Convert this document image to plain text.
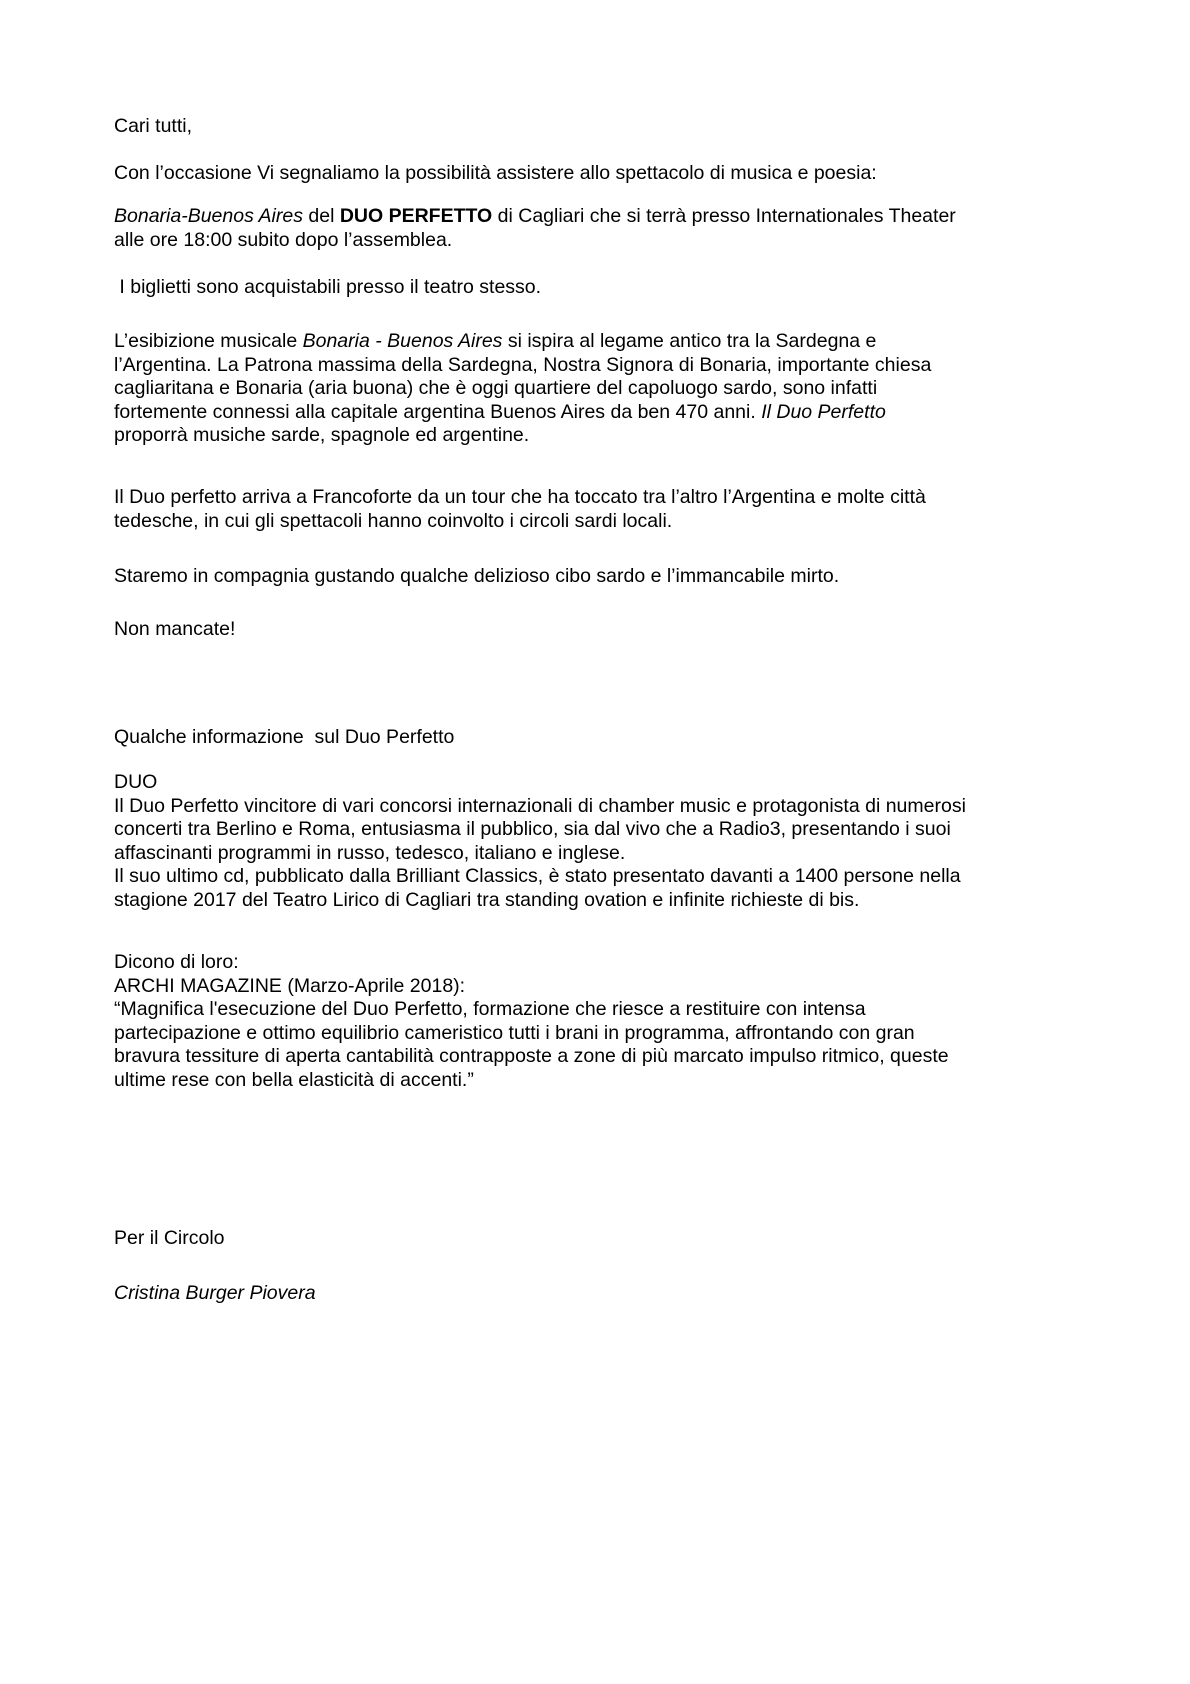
Cari tutti,

Con l’occasione Vi segnaliamo la possibilità assistere allo spettacolo di musica e poesia:

Bonaria-Buenos Aires del DUO PERFETTO di Cagliari che si terrà presso Internationales Theater
alle ore 18:00 subito dopo l’assemblea.

I biglietti sono acquistabili presso il teatro stesso.

L’esibizione musicale Bonaria - Buenos Aires si ispira al legame antico tra la Sardegna e
l’Argentina. La Patrona massima della Sardegna, Nostra Signora di Bonaria, importante chiesa
cagliaritana e Bonaria (aria buona) che è oggi quartiere del capoluogo sardo, sono infatti
fortemente connessi alla capitale argentina Buenos Aires da ben 470 anni. Il Duo Perfetto
proporrà musiche sarde, spagnole ed argentine.

Il Duo perfetto arriva a Francoforte da un tour che ha toccato tra l’altro l’Argentina e molte città
tedesche, in cui gli spettacoli hanno coinvolto i circoli sardi locali.

Staremo in compagnia gustando qualche delizioso cibo sardo e l’immancabile mirto.

Non mancate!

Qualche informazione  sul Duo Perfetto

DUO
Il Duo Perfetto vincitore di vari concorsi internazionali di chamber music e protagonista di numerosi
concerti tra Berlino e Roma, entusiasma il pubblico, sia dal vivo che a Radio3, presentando i suoi
affascinanti programmi in russo, tedesco, italiano e inglese.
Il suo ultimo cd, pubblicato dalla Brilliant Classics, è stato presentato davanti a 1400 persone nella
stagione 2017 del Teatro Lirico di Cagliari tra standing ovation e infinite richieste di bis.

Dicono di loro:
ARCHI MAGAZINE (Marzo-Aprile 2018):
“Magnifica l'esecuzione del Duo Perfetto, formazione che riesce a restituire con intensa
partecipazione e ottimo equilibrio cameristico tutti i brani in programma, affrontando con gran
bravura tessiture di aperta cantabilità contrapposte a zone di più marcato impulso ritmico, queste
ultime rese con bella elasticità di accenti.”

Per il Circolo

Cristina Burger Piovera
